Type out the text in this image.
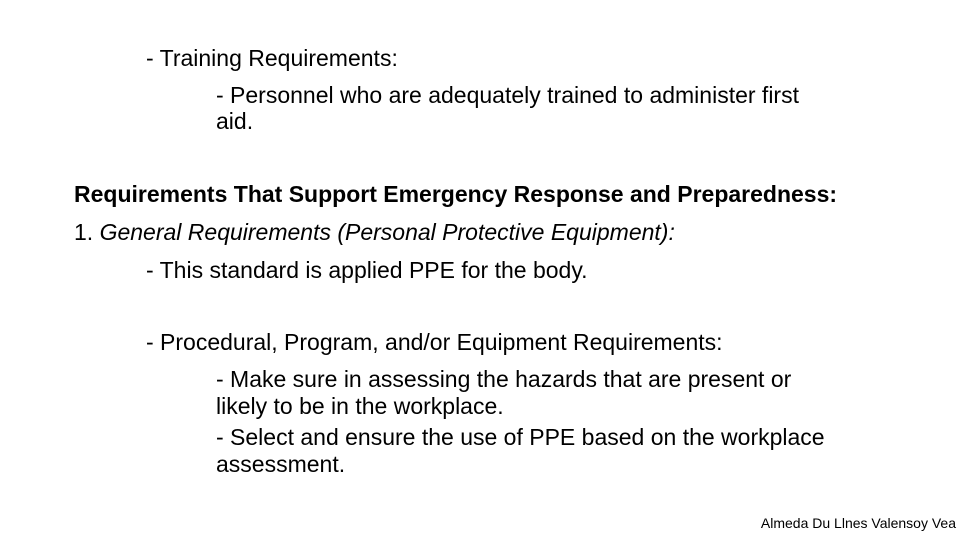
- Training Requirements:
- Personnel who are adequately trained to administer first
aid.
Requirements That Support Emergency Response and Preparedness:
1. General Requirements (Personal Protective Equipment):
- This standard is applied PPE for the body.
- Procedural, Program, and/or Equipment Requirements:
- Make sure in assessing the hazards that are present or
likely to be in the workplace.
- Select and ensure the use of PPE based on the workplace
assessment.
Almeda Du Llnes Valensoy Vea
